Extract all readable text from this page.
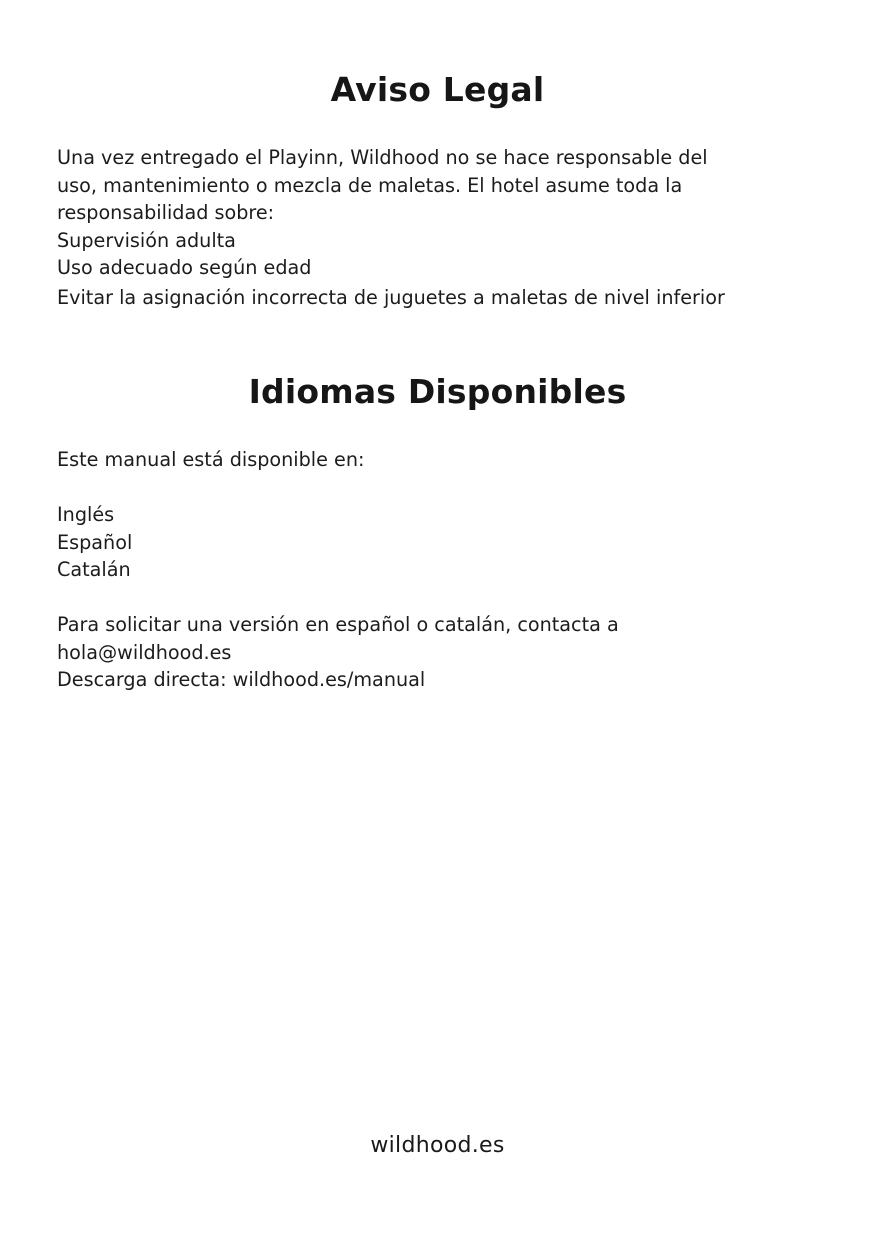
Aviso Legal
Una vez entregado el Playinn, Wildhood no se hace responsable del
uso, mantenimiento o mezcla de maletas. El hotel asume toda la
responsabilidad sobre:
Supervisión adulta
Uso adecuado según edad
Evitar la asignación incorrecta de juguetes a maletas de nivel inferior
Idiomas Disponibles
Este manual está disponible en:
Inglés
Español
Catalán
Para solicitar una versión en español o catalán, contacta a
hola@wildhood.es
Descarga directa: wildhood.es/manual
wildhood.es
